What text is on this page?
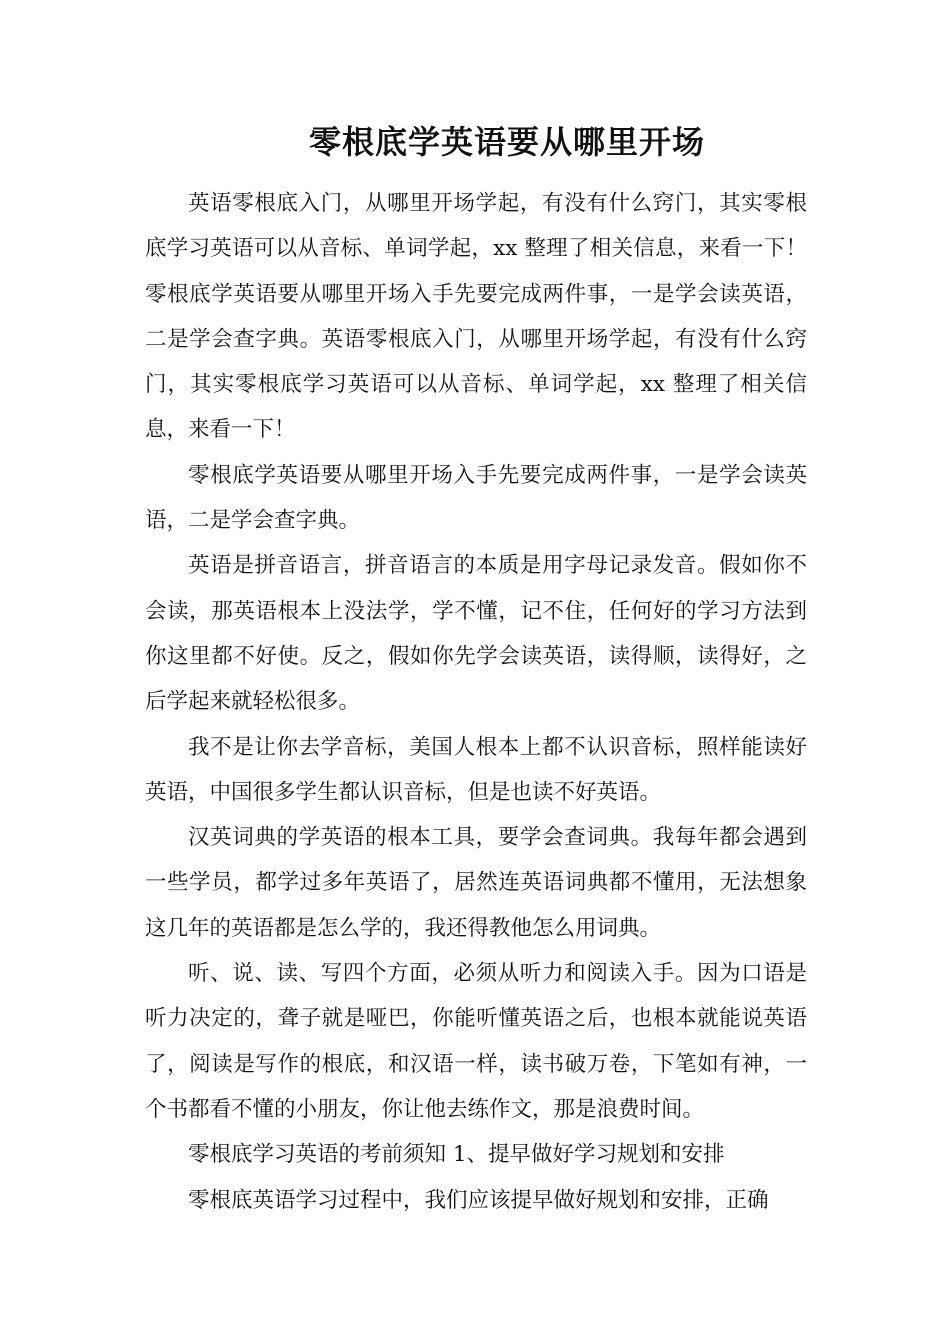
零根底学英语要从哪里开场

英语零根底入门，从哪里开场学起，有没有什么窍门，其实零根底学习英语可以从音标、单词学起，xx 整理了相关信息，来看一下！零根底学英语要从哪里开场入手先要完成两件事，一是学会读英语，二是学会查字典。英语零根底入门，从哪里开场学起，有没有什么窍门，其实零根底学习英语可以从音标、单词学起，xx 整理了相关信息，来看一下！

零根底学英语要从哪里开场入手先要完成两件事，一是学会读英语，二是学会查字典。

英语是拼音语言，拼音语言的本质是用字母记录发音。假如你不会读，那英语根本上没法学，学不懂，记不住，任何好的学习方法到你这里都不好使。反之，假如你先学会读英语，读得顺，读得好，之后学起来就轻松很多。

我不是让你去学音标，美国人根本上都不认识音标，照样能读好英语，中国很多学生都认识音标，但是也读不好英语。

汉英词典的学英语的根本工具，要学会查词典。我每年都会遇到一些学员，都学过多年英语了，居然连英语词典都不懂用，无法想象这几年的英语都是怎么学的，我还得教他怎么用词典。

听、说、读、写四个方面，必须从听力和阅读入手。因为口语是听力决定的，聋子就是哑巴，你能听懂英语之后，也根本就能说英语了，阅读是写作的根底，和汉语一样，读书破万卷，下笔如有神，一个书都看不懂的小朋友，你让他去练作文，那是浪费时间。

零根底学习英语的考前须知 1、提早做好学习规划和安排

零根底英语学习过程中，我们应该提早做好规划和安排，正确
